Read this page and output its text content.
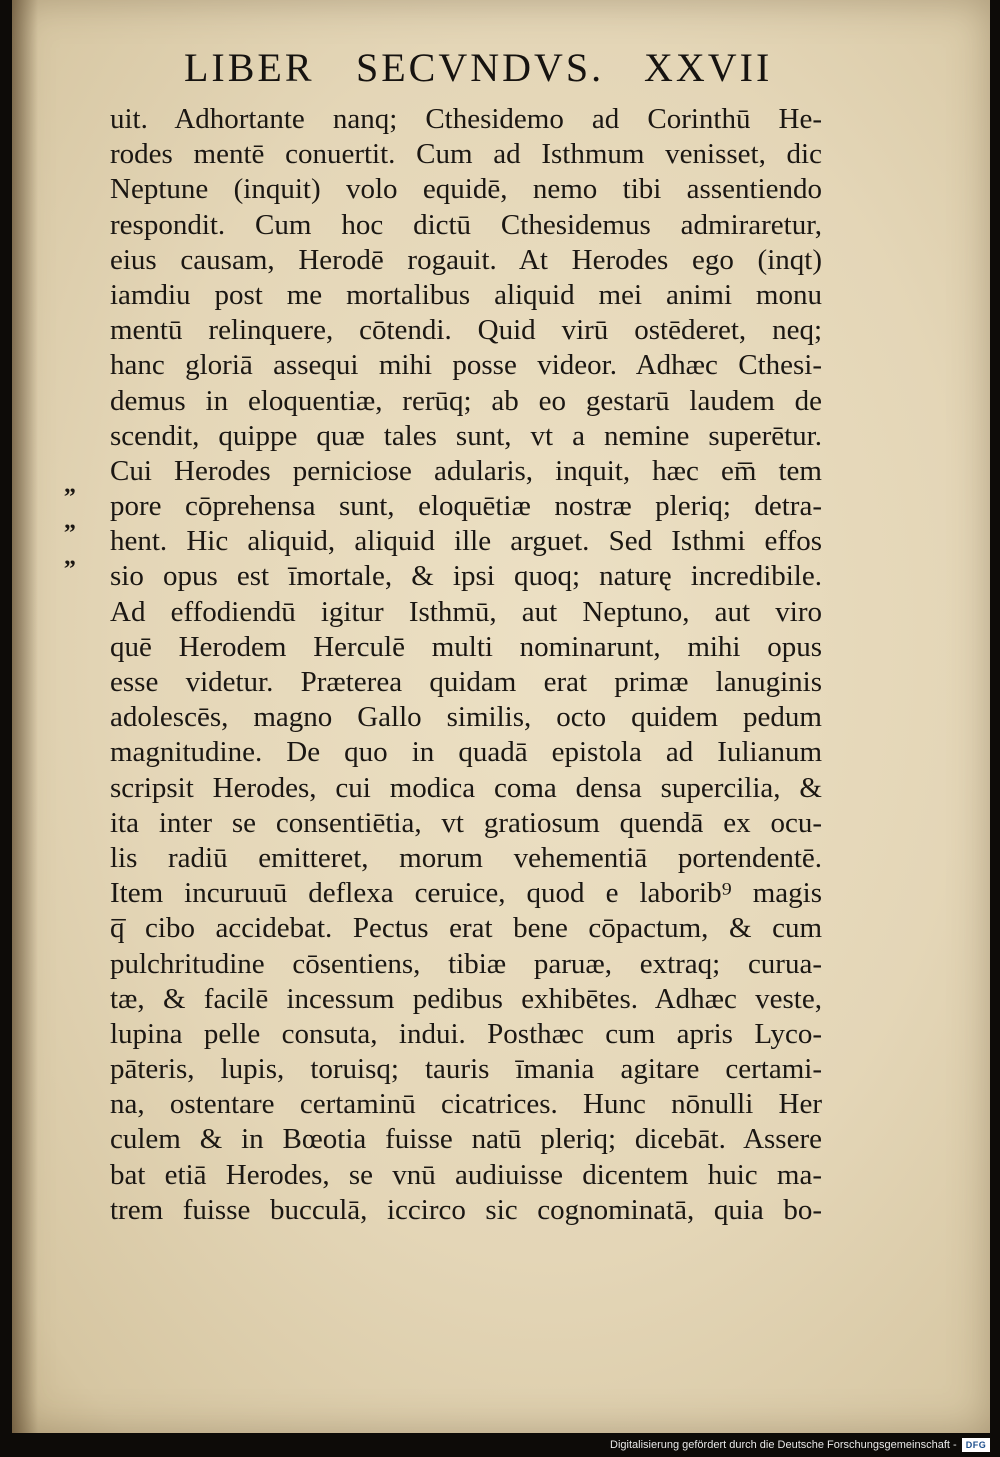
LIBER SECVNDVS. XXVII
„
„
„
uit. Adhortante nanq; Cthesidemo ad Corinthū He-
rodes mentē conuertit. Cum ad Isthmum venisset, dic
Neptune (inquit) volo equidē, nemo tibi assentiendo
respondit. Cum hoc dictū Cthesidemus admiraretur,
eius causam, Herodē rogauit. At Herodes ego (inqt)
iamdiu post me mortalibus aliquid mei animi monu
mentū relinquere, cōtendi. Quid virū ostēderet, neq;
hanc gloriā assequi mihi posse videor. Adhæc Cthesi-
demus in eloquentiæ, rerūq; ab eo gestarū laudem de
scendit, quippe quæ tales sunt, vt a nemine superētur.
Cui Herodes perniciose adularis, inquit, hæc em̅ tem
pore cōprehensa sunt, eloquētiæ nostræ pleriq; detra-
hent. Hic aliquid, aliquid ille arguet. Sed Isthmi effos
sio opus est īmortale, & ipsi quoq; naturę incredibile.
Ad effodiendū igitur Isthmū, aut Neptuno, aut viro
quē Herodem Herculē multi nominarunt, mihi opus
esse videtur. Præterea quidam erat primæ lanuginis
adolescēs, magno Gallo similis, octo quidem pedum
magnitudine. De quo in quadā epistola ad Iulianum
scripsit Herodes, cui modica coma densa supercilia, &
ita inter se consentiētia, vt gratiosum quendā ex ocu-
lis radiū emitteret, morum vehementiā portendentē.
Item incuruuū deflexa ceruice, quod e laborib⁹ magis
q̅ cibo accidebat. Pectus erat bene cōpactum, & cum
pulchritudine cōsentiens, tibiæ paruæ, extraq; curua-
tæ, & facilē incessum pedibus exhibētes. Adhæc veste,
lupina pelle consuta, indui. Posthæc cum apris Lyco-
pāteris, lupis, toruisq; tauris īmania agitare certami-
na, ostentare certaminū cicatrices. Hunc nōnulli Her
culem & in Bœotia fuisse natū pleriq; dicebāt. Assere
bat etiā Herodes, se vnū audiuisse dicentem huic ma-
trem fuisse bucculā, iccirco sic cognominatā, quia bo-
Digitalisierung gefördert durch die Deutsche Forschungsgemeinschaft -	DFG
